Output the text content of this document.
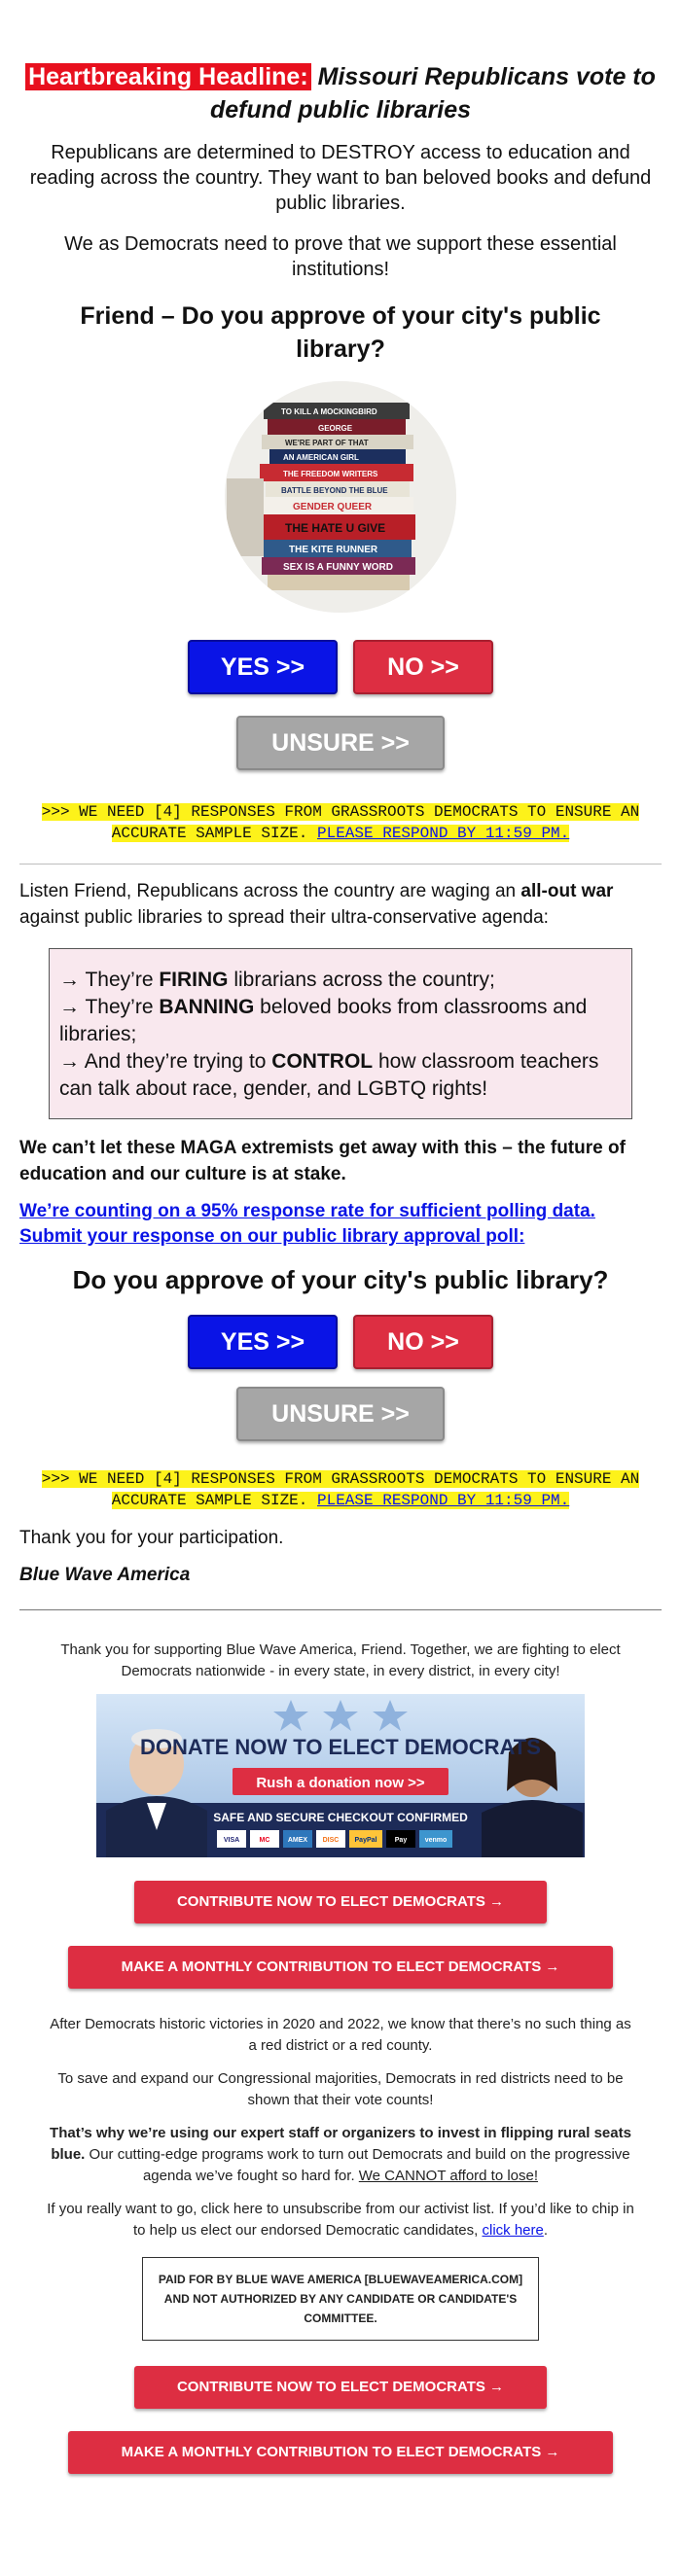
Heartbreaking Headline: Missouri Republicans vote to defund public libraries

Republicans are determined to DESTROY access to education and reading across the country. They want to ban beloved books and defund public libraries.

We as Democrats need to prove that we support these essential institutions!

Friend – Do you approve of your city's public library?
TO KILL A MOCKINGBIRD
GEORGE
WE'RE PART OF THAT
AN AMERICAN GIRL
THE FREEDOM WRITERS
BATTLE BEYOND THE BLUE
GENDER QUEER
THE HATE U GIVE
THE KITE RUNNER
SEX IS A FUNNY WORD
YES >>	NO >>
UNSURE >>

>>> WE NEED [4] RESPONSES FROM GRASSROOTS DEMOCRATS TO ENSURE AN ACCURATE SAMPLE SIZE. PLEASE RESPOND BY 11:59 PM.

Listen Friend, Republicans across the country are waging an all-out war against public libraries to spread their ultra-conservative agenda:

→ They’re FIRING librarians across the country;

→ They’re BANNING beloved books from classrooms and libraries;

→ And they’re trying to CONTROL how classroom teachers can talk about race, gender, and LGBTQ rights!

We can’t let these MAGA extremists get away with this – the future of education and our culture is at stake.

We’re counting on a 95% response rate for sufficient polling data. Submit your response on our public library approval poll:

Do you approve of your city's public library?
YES >>	NO >>
UNSURE >>

>>> WE NEED [4] RESPONSES FROM GRASSROOTS DEMOCRATS TO ENSURE AN ACCURATE SAMPLE SIZE. PLEASE RESPOND BY 11:59 PM.

Thank you for your participation.

Blue Wave America

Thank you for supporting Blue Wave America, Friend. Together, we are fighting to elect Democrats nationwide - in every state, in every district, in every city!

DONATE NOW TO ELECT DEMOCRATS
Rush a donation now >>
SAFE AND SECURE CHECKOUT CONFIRMED
VISA	MC	AMEX DISC PayPal	Pay	venmo
CONTRIBUTE NOW TO ELECT DEMOCRATS →
MAKE A MONTHLY CONTRIBUTION TO ELECT DEMOCRATS →

After Democrats historic victories in 2020 and 2022, we know that there’s no such thing as a red district or a red county.

To save and expand our Congressional majorities, Democrats in red districts need to be shown that their vote counts!

That’s why we’re using our expert staff or organizers to invest in flipping rural seats blue. Our cutting-edge programs work to turn out Democrats and build on the progressive agenda we’ve fought so hard for. We CANNOT afford to lose!

If you really want to go, click here to unsubscribe from our activist list. If you’d like to chip in to help us elect our endorsed Democratic candidates, click here.

PAID FOR BY BLUE WAVE AMERICA [BLUEWAVEAMERICA.COM] AND NOT AUTHORIZED BY ANY CANDIDATE OR CANDIDATE'S COMMITTEE.
CONTRIBUTE NOW TO ELECT DEMOCRATS →
MAKE A MONTHLY CONTRIBUTION TO ELECT DEMOCRATS →
